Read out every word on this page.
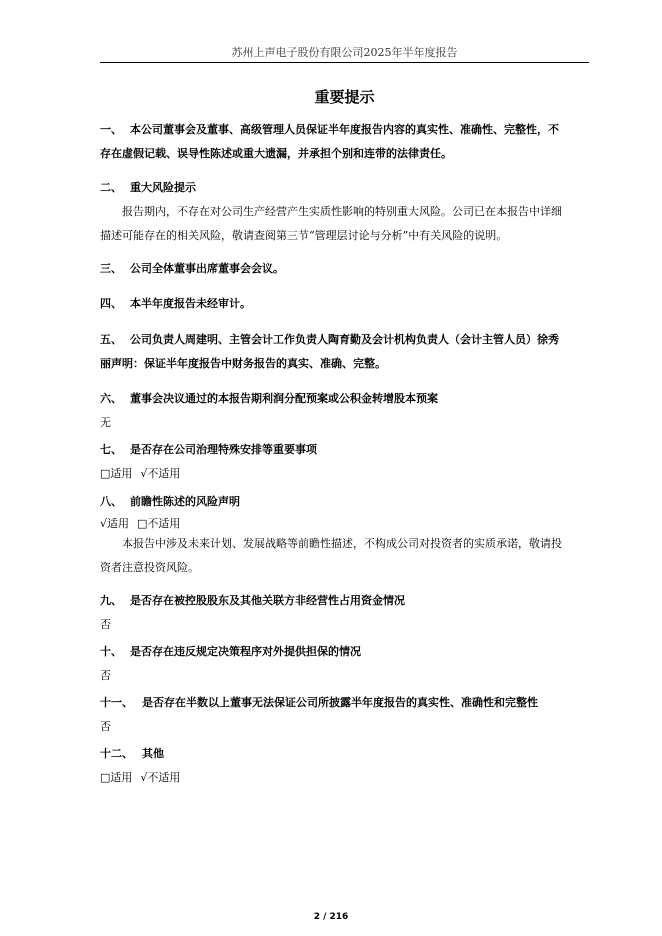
苏州上声电子股份有限公司2025年半年度报告
重要提示
一、 本公司董事会及董事、高级管理人员保证半年度报告内容的真实性、准确性、完整性，不
存在虚假记载、误导性陈述或重大遗漏，并承担个别和连带的法律责任。
二、 重大风险提示
报告期内，不存在对公司生产经营产生实质性影响的特别重大风险。公司已在本报告中详细
描述可能存在的相关风险，敬请查阅第三节“管理层讨论与分析”中有关风险的说明。
三、 公司全体董事出席董事会会议。
四、 本半年度报告未经审计。
五、 公司负责人周建明、主管会计工作负责人陶育勤及会计机构负责人（会计主管人员）徐秀
丽声明：保证半年度报告中财务报告的真实、准确、完整。
六、 董事会决议通过的本报告期利润分配预案或公积金转增股本预案
无
七、 是否存在公司治理特殊安排等重要事项
□适用 √不适用
八、 前瞻性陈述的风险声明
√适用 □不适用
本报告中涉及未来计划、发展战略等前瞻性描述，不构成公司对投资者的实质承诺，敬请投
资者注意投资风险。
九、 是否存在被控股股东及其他关联方非经营性占用资金情况
否
十、 是否存在违反规定决策程序对外提供担保的情况
否
十一、 是否存在半数以上董事无法保证公司所披露半年度报告的真实性、准确性和完整性
否
十二、 其他
□适用 √不适用
2 / 216
